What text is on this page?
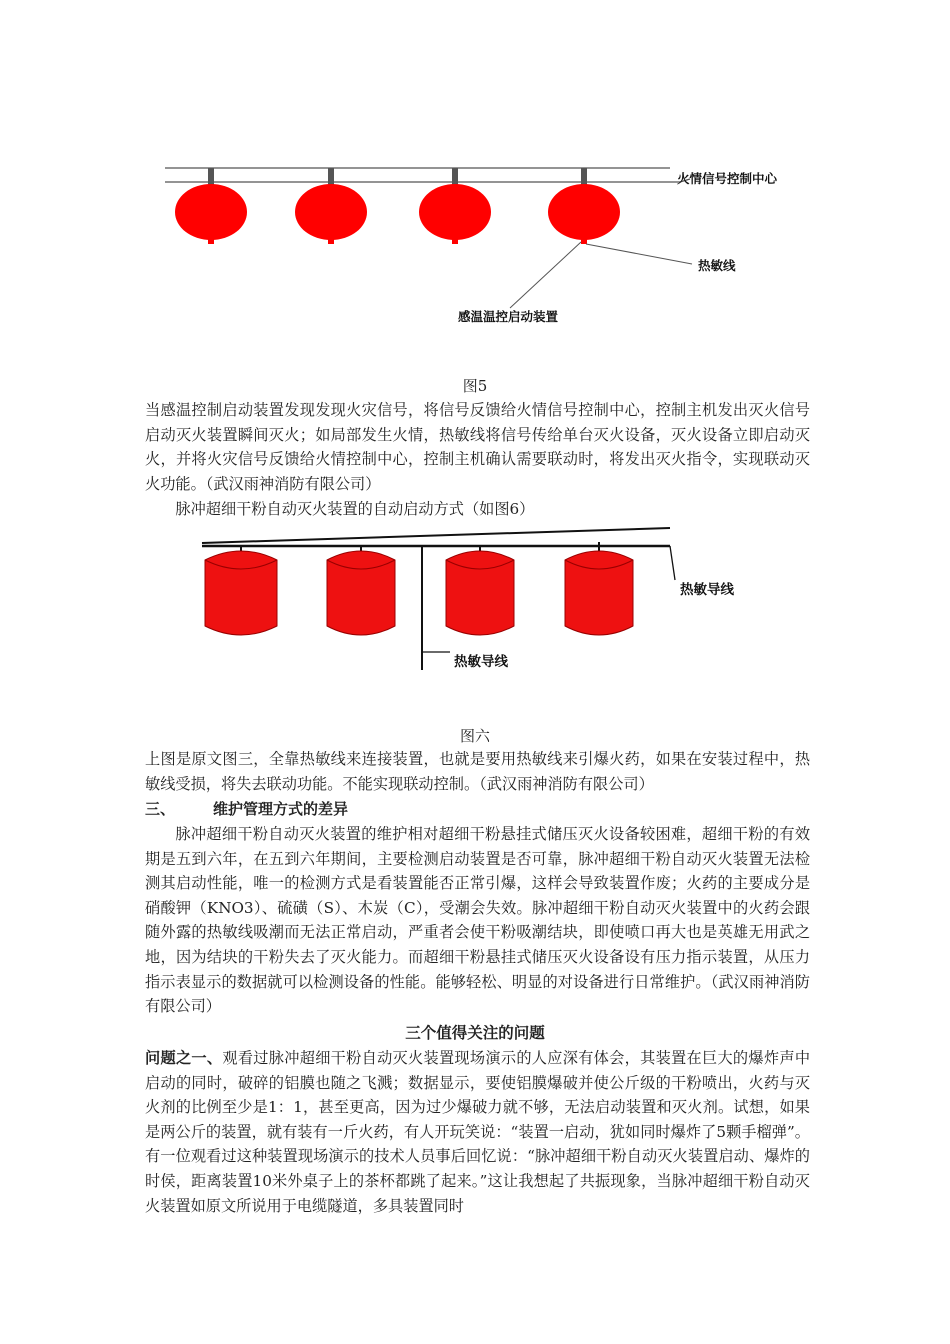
火情信号控制中心
热敏线
感温温控启动装置
图5

当感温控制启动装置发现发现火灾信号，将信号反馈给火情信号控制中心，控制主机发出灭火信号启动灭火装置瞬间灭火；如局部发生火情，热敏线将信号传给单台灭火设备，灭火设备立即启动灭火，并将火灾信号反馈给火情控制中心，控制主机确认需要联动时，将发出灭火指令，实现联动灭火功能。（武汉雨神消防有限公司）

脉冲超细干粉自动灭火装置的自动启动方式（如图6）

热敏导线
热敏导线
图六

上图是原文图三，全靠热敏线来连接装置，也就是要用热敏线来引爆火药，如果在安装过程中，热敏线受损，将失去联动功能。不能实现联动控制。（武汉雨神消防有限公司）

三、	维护管理方式的差异

脉冲超细干粉自动灭火装置的维护相对超细干粉悬挂式储压灭火设备较困难，超细干粉的有效期是五到六年，在五到六年期间，主要检测启动装置是否可靠，脉冲超细干粉自动灭火装置无法检测其启动性能，唯一的检测方式是看装置能否正常引爆，这样会导致装置作废；火药的主要成分是硝酸钾（KNO3）、硫磺（S）、木炭（C），受潮会失效。脉冲超细干粉自动灭火装置中的火药会跟随外露的热敏线吸潮而无法正常启动，严重者会使干粉吸潮结块，即使喷口再大也是英雄无用武之地，因为结块的干粉失去了灭火能力。而超细干粉悬挂式储压灭火设备设有压力指示装置，从压力指示表显示的数据就可以检测设备的性能。能够轻松、明显的对设备进行日常维护。（武汉雨神消防有限公司）

三个值得关注的问题

问题之一、观看过脉冲超细干粉自动灭火装置现场演示的人应深有体会，其装置在巨大的爆炸声中启动的同时，破碎的铝膜也随之飞溅；数据显示，要使铝膜爆破并使公斤级的干粉喷出，火药与灭火剂的比例至少是1：1，甚至更高，因为过少爆破力就不够，无法启动装置和灭火剂。试想，如果是两公斤的装置，就有装有一斤火药，有人开玩笑说：“装置一启动，犹如同时爆炸了5颗手榴弹”。有一位观看过这种装置现场演示的技术人员事后回忆说：“脉冲超细干粉自动灭火装置启动、爆炸的时侯，距离装置10米外桌子上的茶杯都跳了起来。”这让我想起了共振现象，当脉冲超细干粉自动灭火装置如原文所说用于电缆隧道，多具装置同时
